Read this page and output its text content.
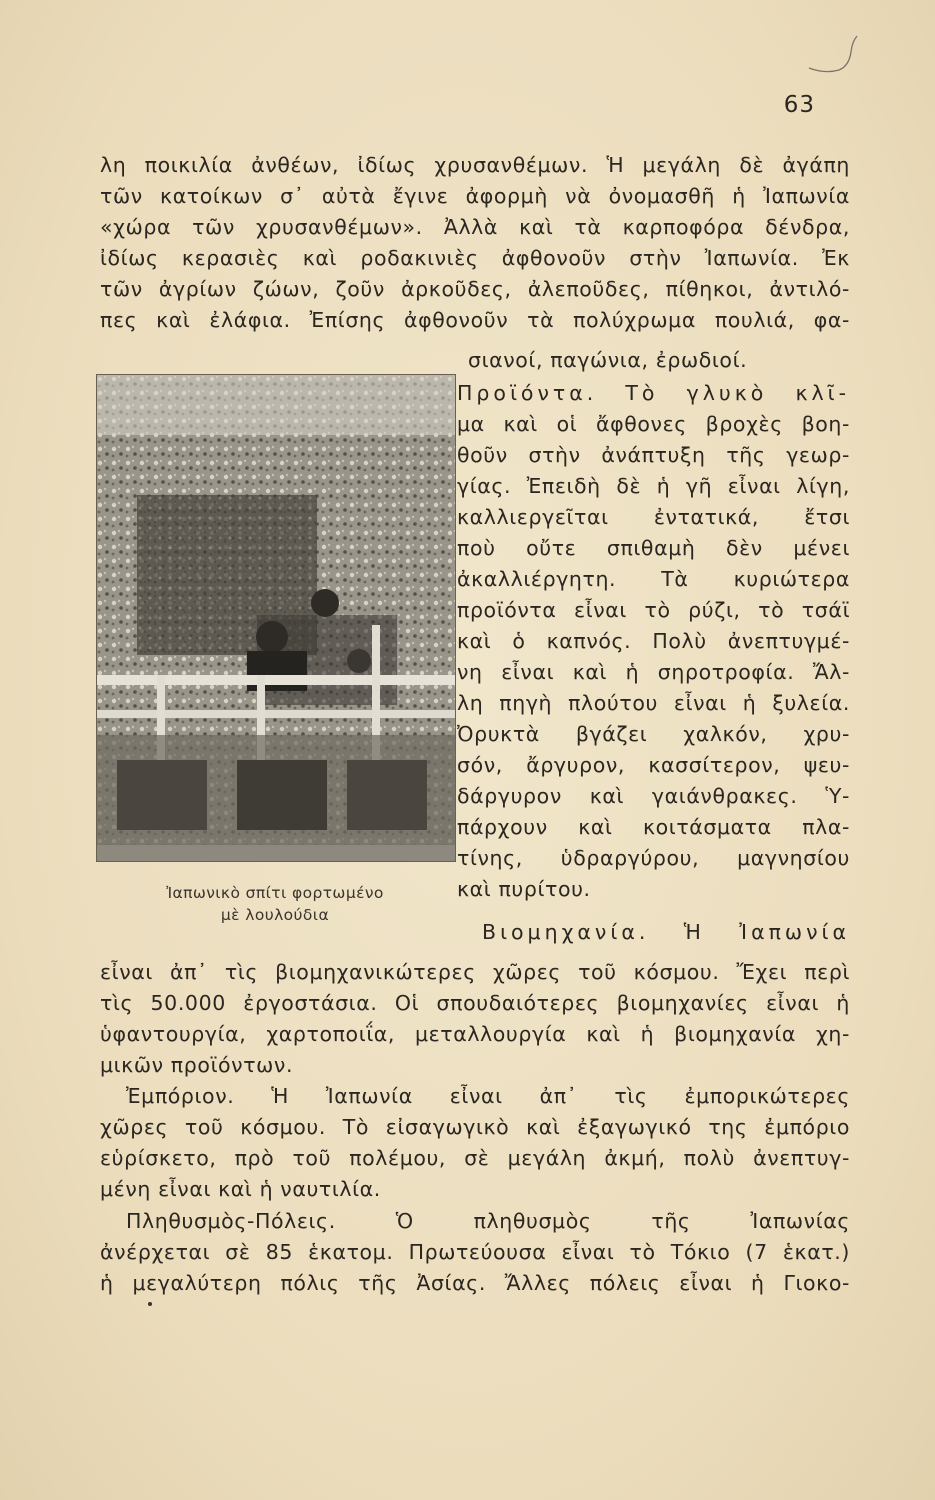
63
λη ποικιλία ἀνθέων, ἰδίως χρυσανθέμων. Ἡ μεγάλη δὲ ἀγάπη
τῶν κατοίκων σ᾽ αὐτὰ ἔγινε ἀφορμὴ νὰ ὀνομασθῆ ἡ Ἰαπωνία
«χώρα τῶν χρυσανθέμων». Ἀλλὰ καὶ τὰ καρποφόρα δένδρα,
ἰδίως κερασιὲς καὶ ροδακινιὲς ἀφθονοῦν στὴν Ἰαπωνία. Ἐκ
τῶν ἀγρίων ζώων, ζοῦν ἀρκοῦδες, ἀλεποῦδες, πίθηκοι, ἀντιλό-
πες καὶ ἐλάφια. Ἐπίσης ἀφθονοῦν τὰ πολύχρωμα πουλιά, φα-
σιανοί, παγώνια, ἐρωδιοί.
Προϊόντα. Τὸ γλυκὸ κλῖ-
μα καὶ οἱ ἄφθονες βροχὲς βοη-
θοῦν στὴν ἀνάπτυξη τῆς γεωρ-
γίας. Ἐπειδὴ δὲ ἡ γῆ εἶναι λίγη,
καλλιεργεῖται ἐντατικά, ἔτσι
ποὺ οὔτε σπιθαμὴ δὲν μένει
ἀκαλλιέργητη. Τὰ κυριώτερα
προϊόντα εἶναι τὸ ρύζι, τὸ τσάϊ
καὶ ὁ καπνός. Πολὺ ἀνεπτυγμέ-
νη εἶναι καὶ ἡ σηροτροφία. Ἄλ-
λη πηγὴ πλούτου εἶναι ἡ ξυλεία.
Ὀρυκτὰ βγάζει χαλκόν, χρυ-
σόν, ἄργυρον, κασσίτερον, ψευ-
δάργυρον καὶ γαιάνθρακες. Ὑ-
πάρχουν καὶ κοιτάσματα πλα-
τίνης, ὑδραργύρου, μαγνησίου
καὶ πυρίτου.
Βιομηχανία. Ἡ Ἰαπωνία
Ἰαπωνικὸ σπίτι φορτωμένο
μὲ λουλούδια
εἶναι ἀπ᾽ τὶς βιομηχανικώτερες χῶρες τοῦ κόσμου. Ἔχει περὶ
τὶς 50.000 ἐργοστάσια. Οἱ σπουδαιότερες βιομηχανίες εἶναι ἡ
ὑφαντουργία, χαρτοποιΐα, μεταλλουργία καὶ ἡ βιομηχανία χη-
μικῶν προϊόντων.
Ἐμπόριον. Ἡ Ἰαπωνία εἶναι ἀπ᾽ τὶς ἐμπορικώτερες
χῶρες τοῦ κόσμου. Τὸ εἰσαγωγικὸ καὶ ἐξαγωγικό της ἐμπόριο
εὑρίσκετο, πρὸ τοῦ πολέμου, σὲ μεγάλη ἀκμή, πολὺ ἀνεπτυγ-
μένη εἶναι καὶ ἡ ναυτιλία.
Πληθυσμὸς-Πόλεις. Ὁ πληθυσμὸς τῆς Ἰαπωνίας
ἀνέρχεται σὲ 85 ἑκατομ. Πρωτεύουσα εἶναι τὸ Τόκιο (7 ἑκατ.)
ἡ μεγαλύτερη πόλις τῆς Ἀσίας. Ἄλλες πόλεις εἶναι ἡ Γιοκο-
